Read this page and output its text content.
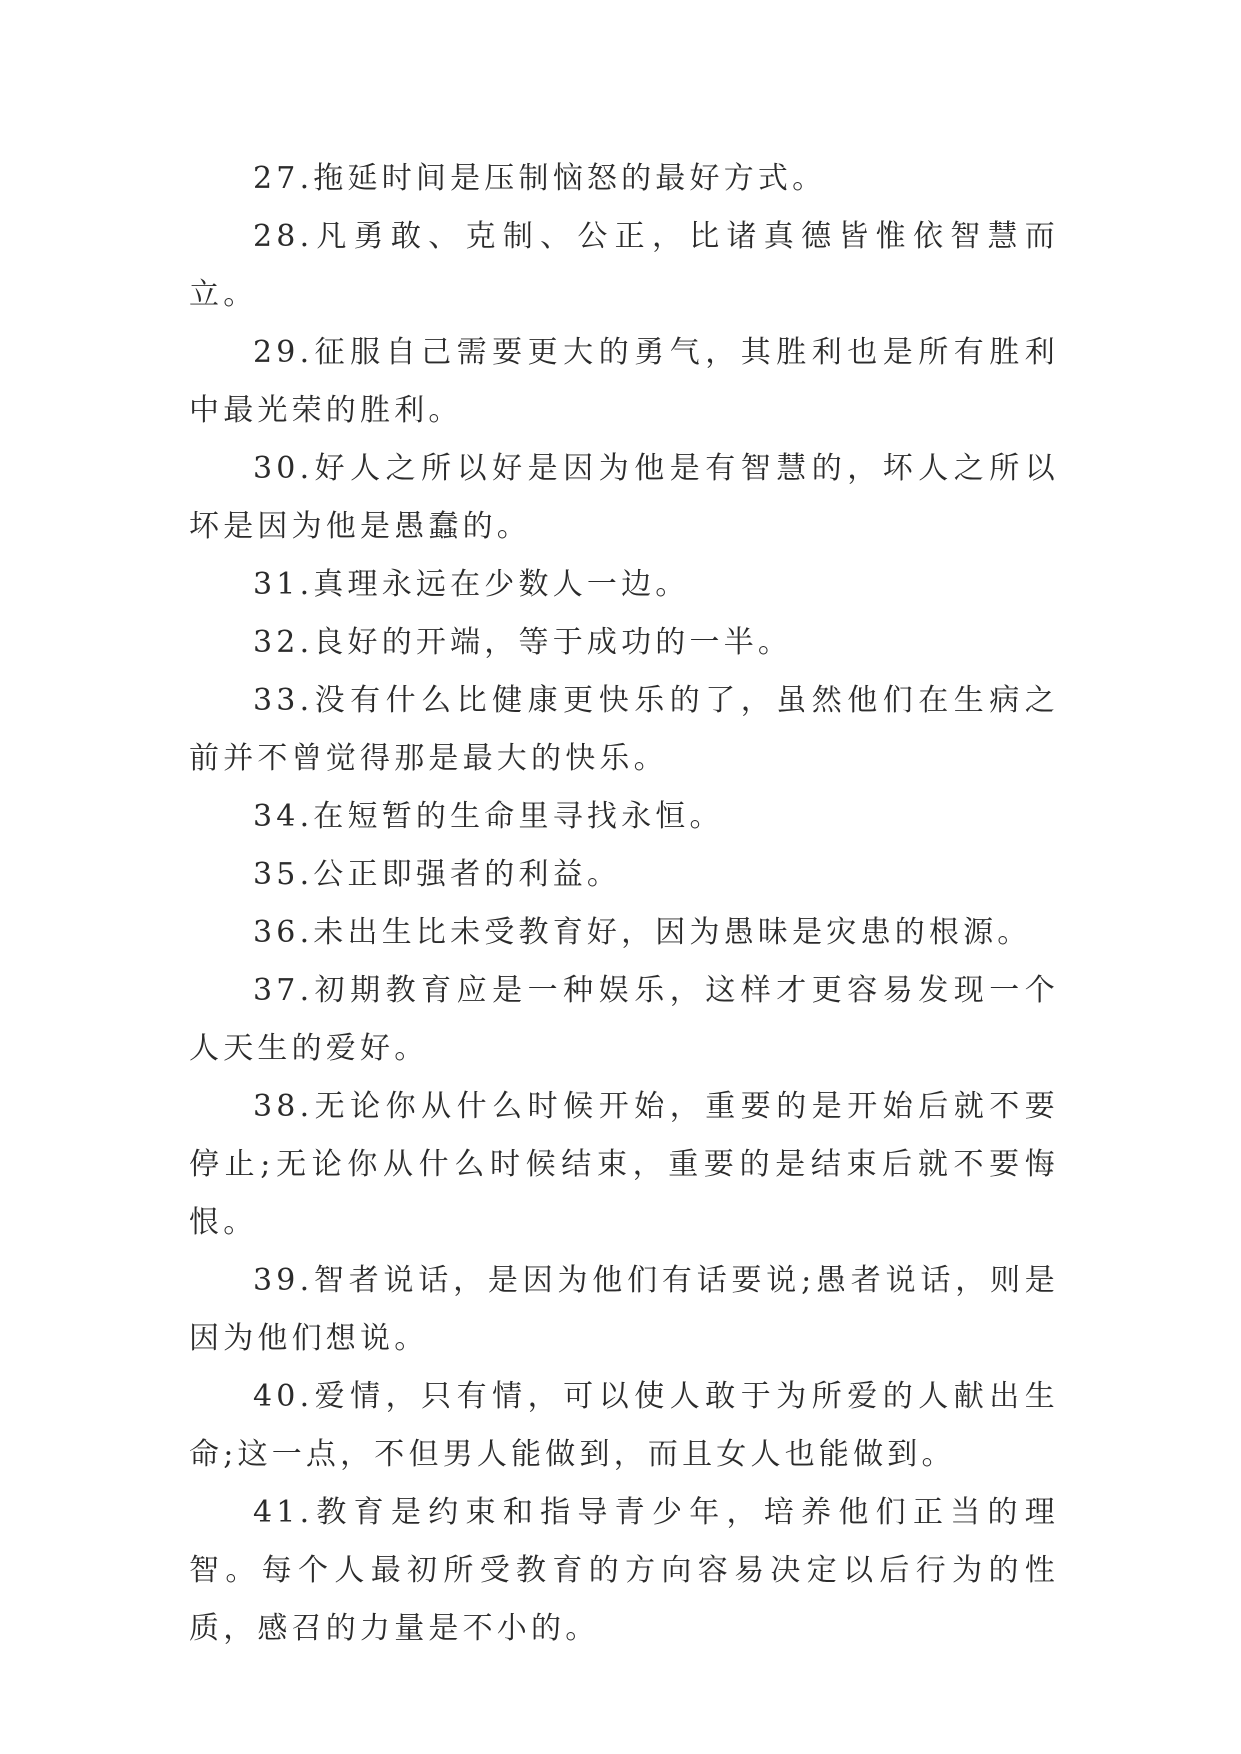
27.拖延时间是压制恼怒的最好方式。

28.凡勇敢、克制、公正，比诸真德皆惟依智慧而立。

29.征服自己需要更大的勇气，其胜利也是所有胜利中最光荣的胜利。

30.好人之所以好是因为他是有智慧的，坏人之所以坏是因为他是愚蠢的。

31.真理永远在少数人一边。

32.良好的开端，等于成功的一半。

33.没有什么比健康更快乐的了，虽然他们在生病之前并不曾觉得那是最大的快乐。

34.在短暂的生命里寻找永恒。

35.公正即强者的利益。

36.未出生比未受教育好，因为愚昧是灾患的根源。

37.初期教育应是一种娱乐，这样才更容易发现一个人天生的爱好。

38.无论你从什么时候开始，重要的是开始后就不要停止;无论你从什么时候结束，重要的是结束后就不要悔恨。

39.智者说话，是因为他们有话要说;愚者说话，则是因为他们想说。

40.爱情，只有情，可以使人敢于为所爱的人献出生命;这一点，不但男人能做到，而且女人也能做到。

41.教育是约束和指导青少年，培养他们正当的理智。每个人最初所受教育的方向容易决定以后行为的性质，感召的力量是不小的。
